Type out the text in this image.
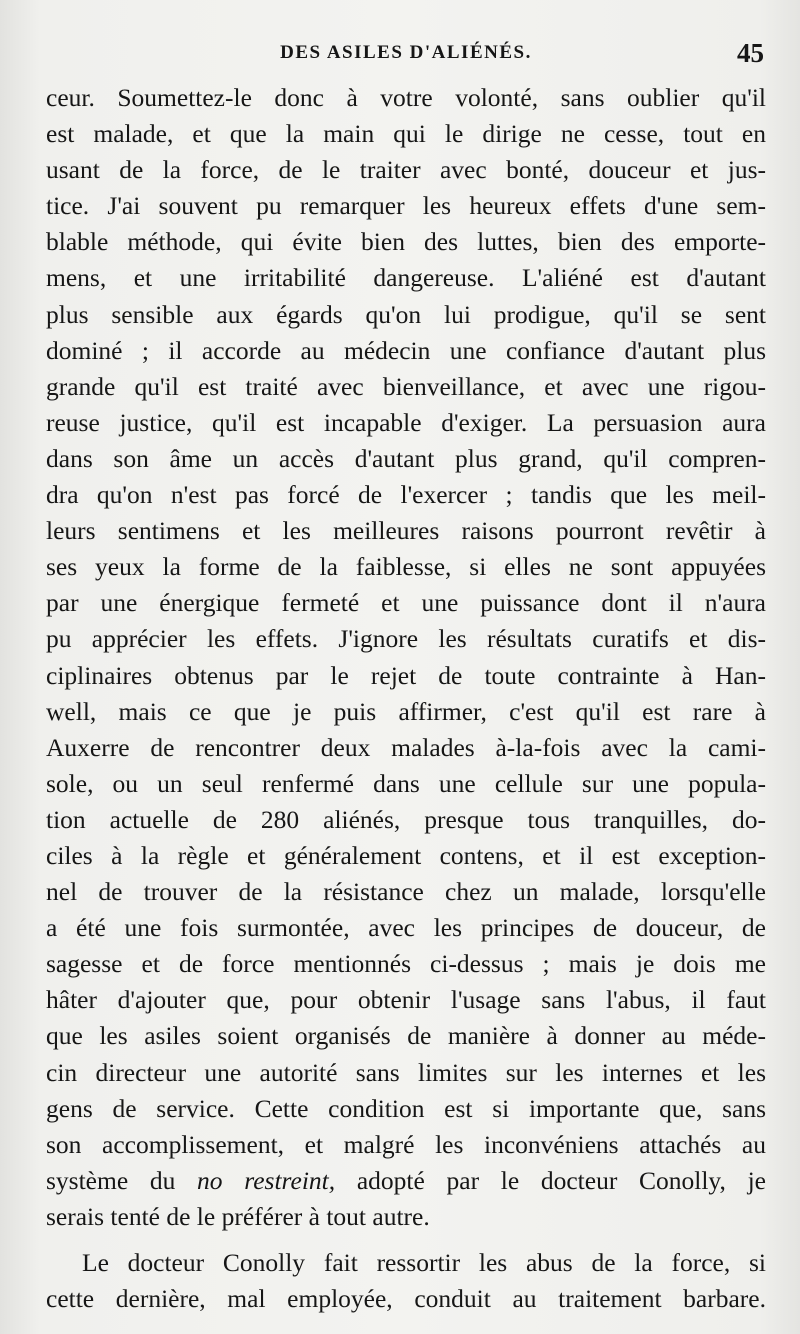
DES ASILES D'ALIÉNÉS.	45
ceur. Soumettez-le donc à votre volonté, sans oublier qu'il
est malade, et que la main qui le dirige ne cesse, tout en
usant de la force, de le traiter avec bonté, douceur et jus-
tice. J'ai souvent pu remarquer les heureux effets d'une sem-
blable méthode, qui évite bien des luttes, bien des emporte-
mens, et une irritabilité dangereuse. L'aliéné est d'autant
plus sensible aux égards qu'on lui prodigue, qu'il se sent
dominé ; il accorde au médecin une confiance d'autant plus
grande qu'il est traité avec bienveillance, et avec une rigou-
reuse justice, qu'il est incapable d'exiger. La persuasion aura
dans son âme un accès d'autant plus grand, qu'il compren-
dra qu'on n'est pas forcé de l'exercer ; tandis que les meil-
leurs sentimens et les meilleures raisons pourront revêtir à
ses yeux la forme de la faiblesse, si elles ne sont appuyées
par une énergique fermeté et une puissance dont il n'aura
pu apprécier les effets. J'ignore les résultats curatifs et dis-
ciplinaires obtenus par le rejet de toute contrainte à Han-
well, mais ce que je puis affirmer, c'est qu'il est rare à
Auxerre de rencontrer deux malades à-la-fois avec la cami-
sole, ou un seul renfermé dans une cellule sur une popula-
tion actuelle de 280 aliénés, presque tous tranquilles, do-
ciles à la règle et généralement contens, et il est exception-
nel de trouver de la résistance chez un malade, lorsqu'elle
a été une fois surmontée, avec les principes de douceur, de
sagesse et de force mentionnés ci-dessus ; mais je dois me
hâter d'ajouter que, pour obtenir l'usage sans l'abus, il faut
que les asiles soient organisés de manière à donner au méde-
cin directeur une autorité sans limites sur les internes et les
gens de service. Cette condition est si importante que, sans
son accomplissement, et malgré les inconvéniens attachés au
système du no restreint, adopté par le docteur Conolly, je
serais tenté de le préférer à tout autre.
Le docteur Conolly fait ressortir les abus de la force, si
cette dernière, mal employée, conduit au traitement barbare.
